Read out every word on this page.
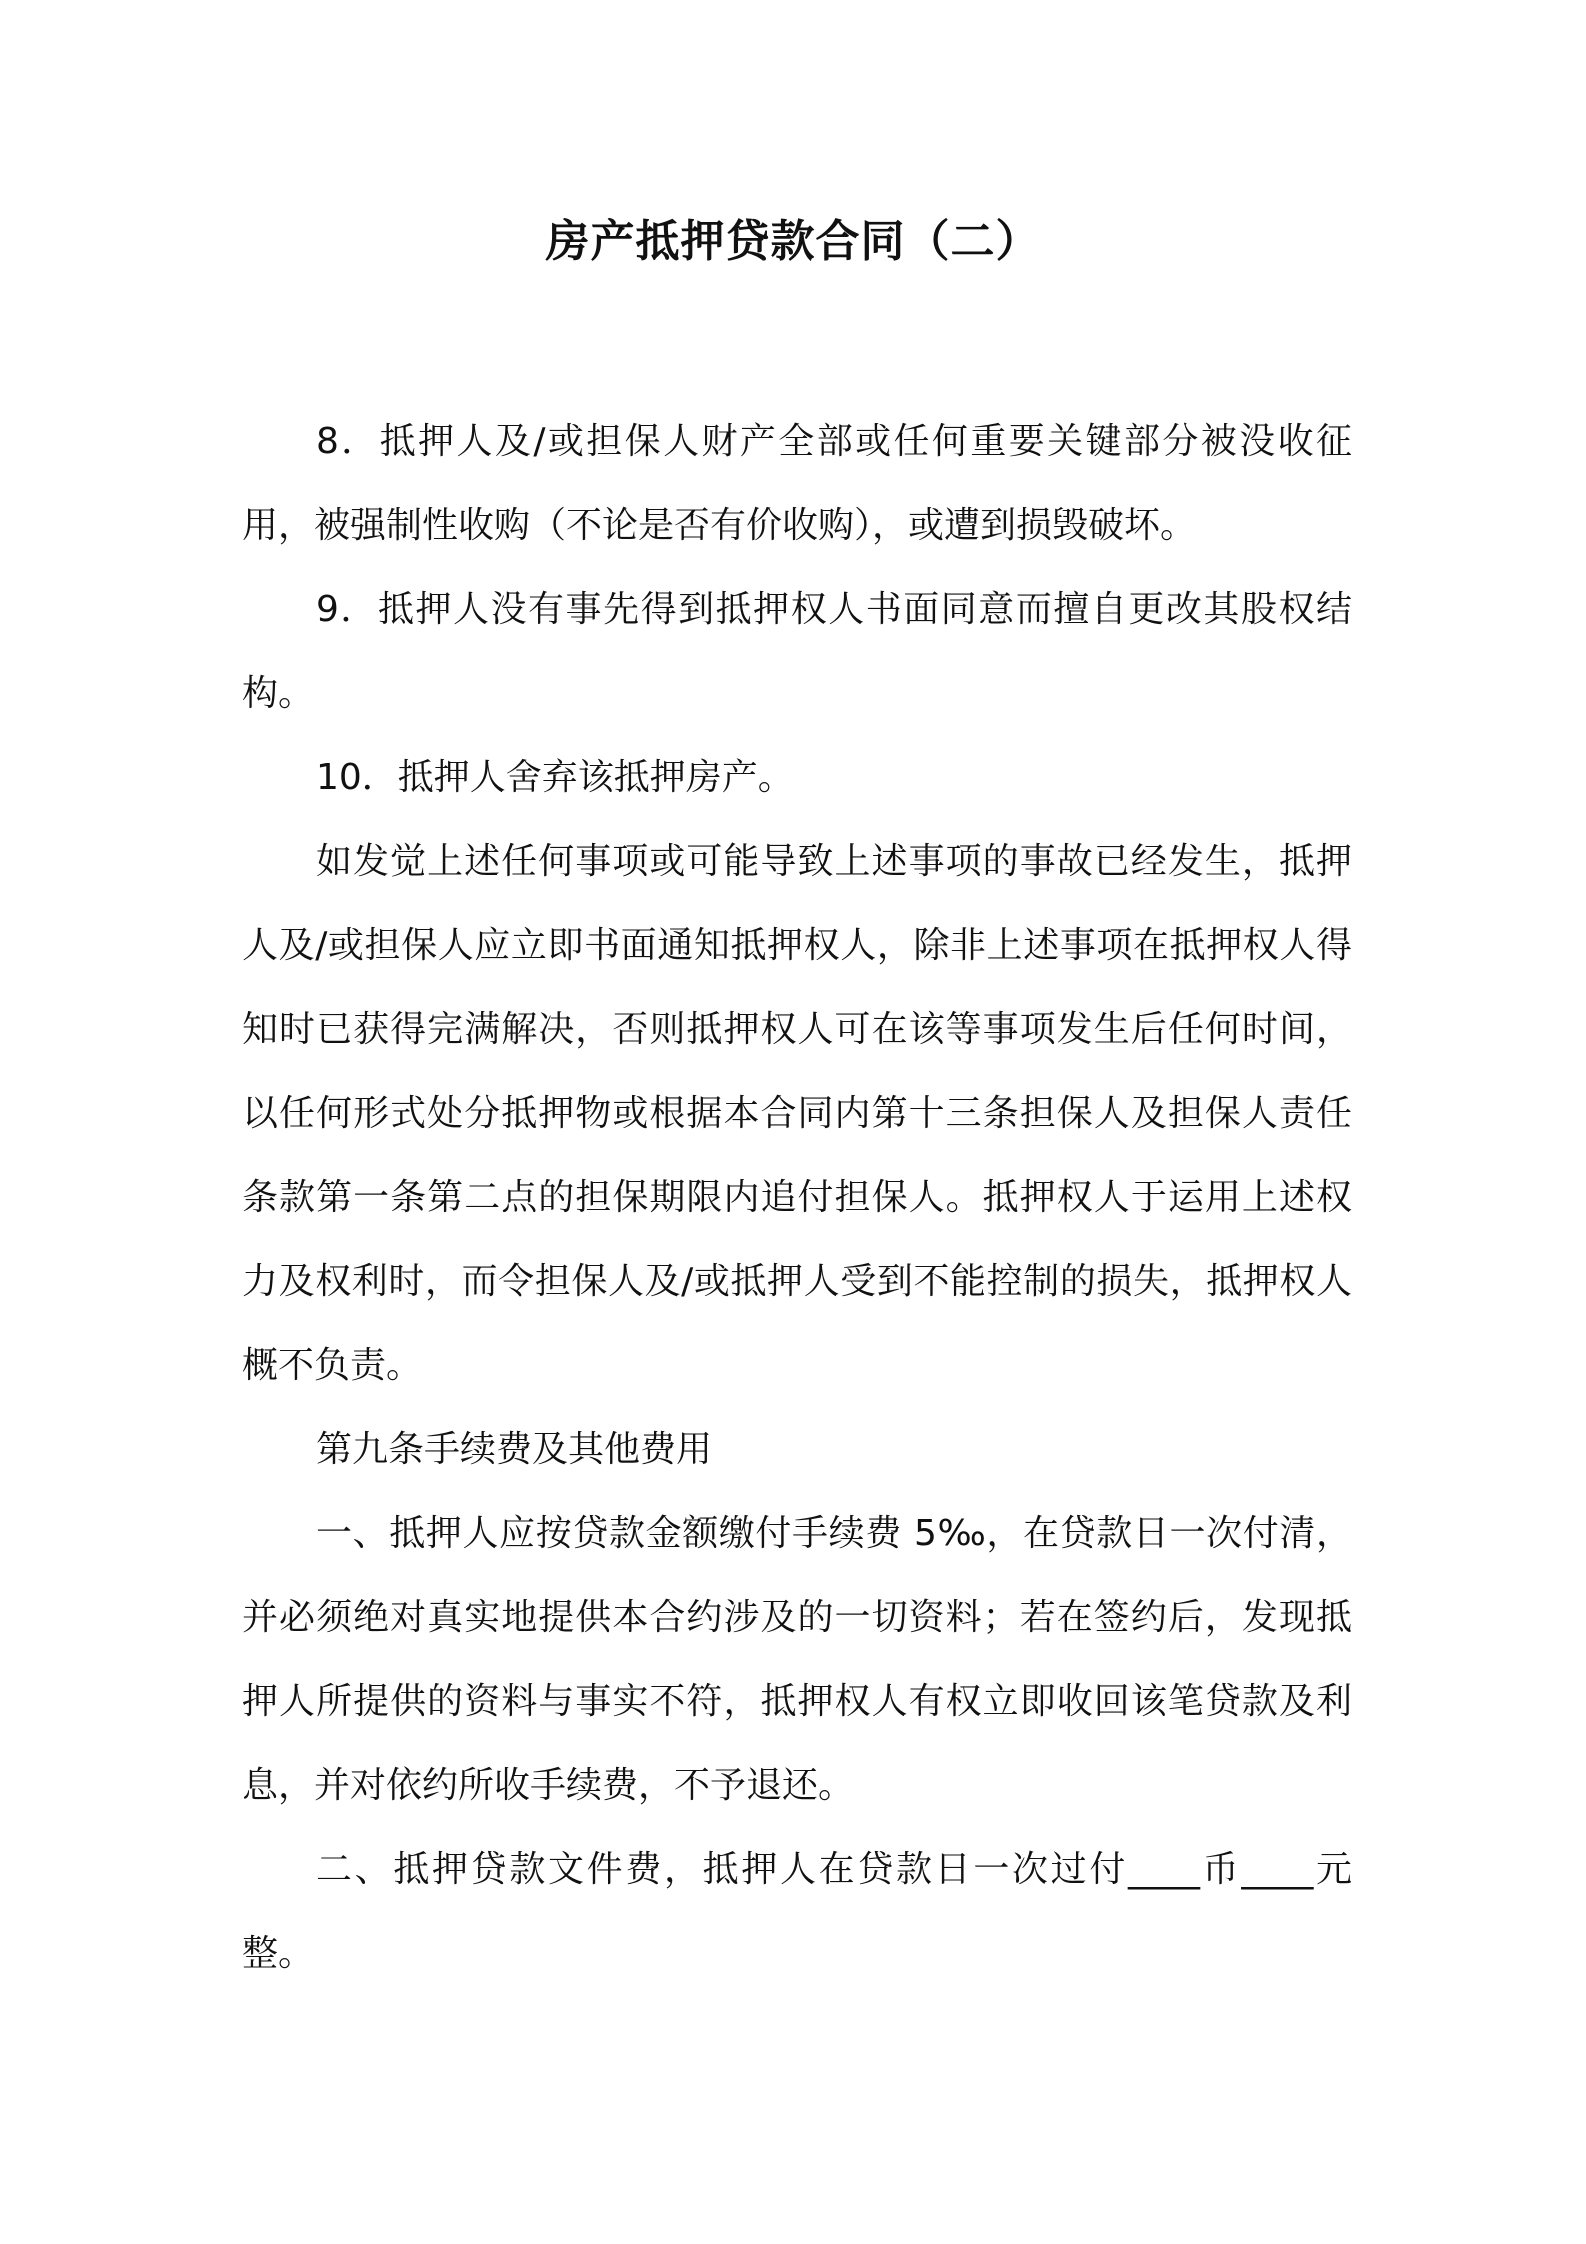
房产抵押贷款合同（二）

8．抵押人及/或担保人财产全部或任何重要关键部分被没收征用，被强制性收购（不论是否有价收购），或遭到损毁破坏。

9．抵押人没有事先得到抵押权人书面同意而擅自更改其股权结构。

10．抵押人舍弃该抵押房产。

如发觉上述任何事项或可能导致上述事项的事故已经发生，抵押人及/或担保人应立即书面通知抵押权人，除非上述事项在抵押权人得知时已获得完满解决，否则抵押权人可在该等事项发生后任何时间，以任何形式处分抵押物或根据本合同内第十三条担保人及担保人责任条款第一条第二点的担保期限内追付担保人。抵押权人于运用上述权力及权利时，而令担保人及/或抵押人受到不能控制的损失，抵押权人概不负责。

第九条手续费及其他费用

一、抵押人应按贷款金额缴付手续费 5‰，在贷款日一次付清，并必须绝对真实地提供本合约涉及的一切资料；若在签约后，发现抵押人所提供的资料与事实不符，抵押权人有权立即收回该笔贷款及利息，并对依约所收手续费，不予退还。

二、抵押贷款文件费，抵押人在贷款日一次过付____币____元整。
